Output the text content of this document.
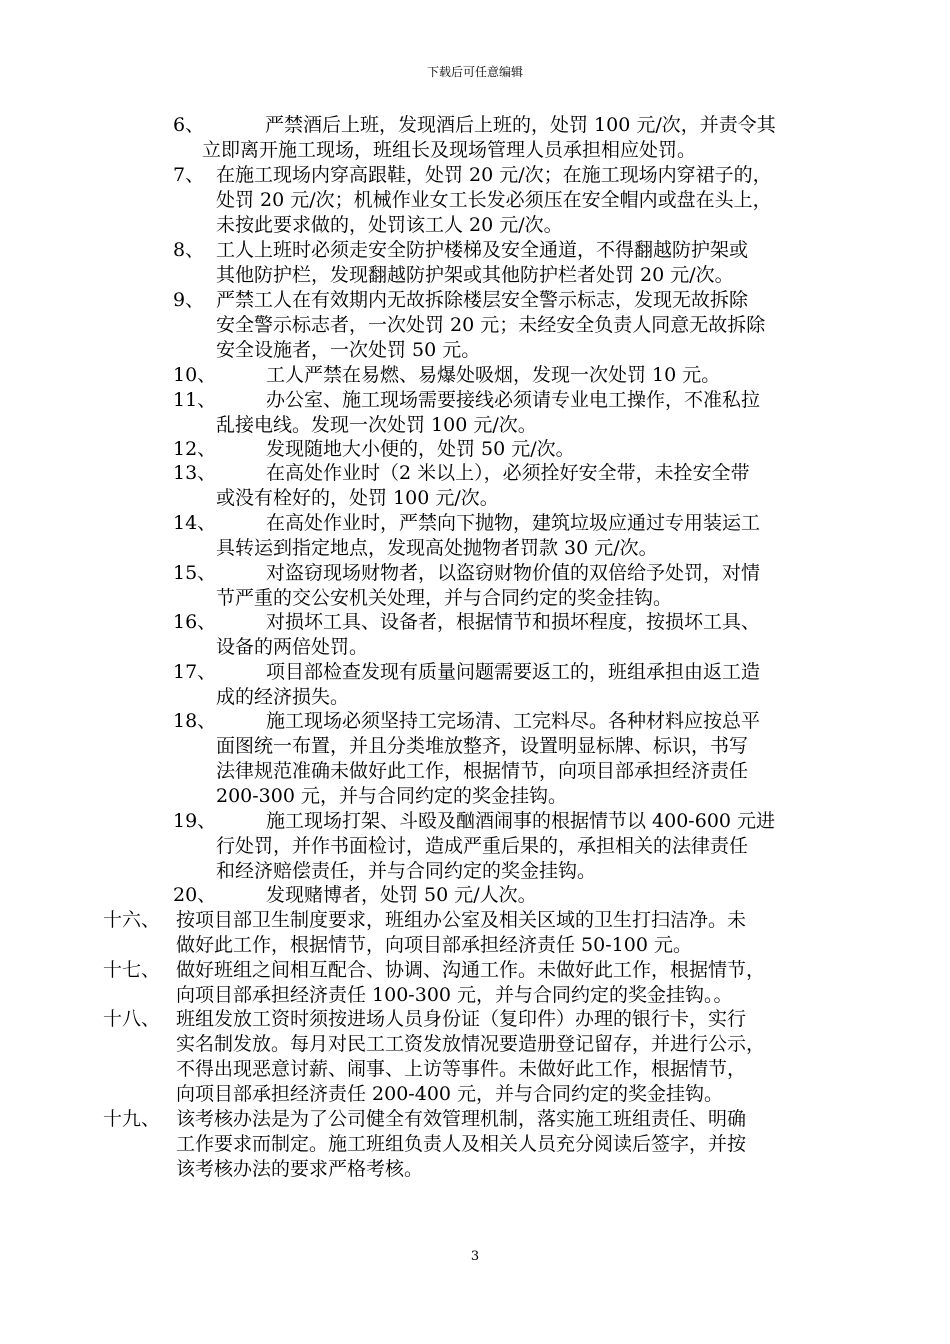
下载后可任意编辑
6、	严禁酒后上班，发现酒后上班的，处罚 100 元/次，并责令其
立即离开施工现场，班组长及现场管理人员承担相应处罚。
7、 在施工现场内穿高跟鞋，处罚 20 元/次；在施工现场内穿裙子的，
处罚 20 元/次；机械作业女工长发必须压在安全帽内或盘在头上，
未按此要求做的，处罚该工人 20 元/次。
8、 工人上班时必须走安全防护楼梯及安全通道，不得翻越防护架或
其他防护栏，发现翻越防护架或其他防护栏者处罚 20 元/次。
9、 严禁工人在有效期内无故拆除楼层安全警示标志，发现无故拆除
安全警示标志者，一次处罚 20 元；未经安全负责人同意无故拆除
安全设施者，一次处罚 50 元。
10、	工人严禁在易燃、易爆处吸烟，发现一次处罚 10 元。
11、	办公室、施工现场需要接线必须请专业电工操作，不准私拉
乱接电线。发现一次处罚 100 元/次。
12、	发现随地大小便的，处罚 50 元/次。
13、	在高处作业时（2 米以上），必须拴好安全带，未拴安全带
或没有栓好的，处罚 100 元/次。
14、	在高处作业时，严禁向下抛物，建筑垃圾应通过专用装运工
具转运到指定地点，发现高处抛物者罚款 30 元/次。
15、	对盗窃现场财物者，以盗窃财物价值的双倍给予处罚，对情
节严重的交公安机关处理，并与合同约定的奖金挂钩。
16、	对损坏工具、设备者，根据情节和损坏程度，按损坏工具、
设备的两倍处罚。
17、	项目部检查发现有质量问题需要返工的，班组承担由返工造
成的经济损失。
18、	施工现场必须坚持工完场清、工完料尽。各种材料应按总平
面图统一布置，并且分类堆放整齐，设置明显标牌、标识，书写
法律规范准确未做好此工作，根据情节，向项目部承担经济责任
200-300 元，并与合同约定的奖金挂钩。
19、	施工现场打架、斗殴及酗酒闹事的根据情节以 400-600 元进
行处罚，并作书面检讨，造成严重后果的，承担相关的法律责任
和经济赔偿责任，并与合同约定的奖金挂钩。
20、	发现赌博者，处罚 50 元/人次。
十六、 按项目部卫生制度要求，班组办公室及相关区域的卫生打扫洁净。未
做好此工作，根据情节，向项目部承担经济责任 50-100 元。
十七、 做好班组之间相互配合、协调、沟通工作。未做好此工作，根据情节，
向项目部承担经济责任 100-300 元，并与合同约定的奖金挂钩。。
十八、 班组发放工资时须按进场人员身份证（复印件）办理的银行卡，实行
实名制发放。每月对民工工资发放情况要造册登记留存，并进行公示，
不得出现恶意讨薪、闹事、上访等事件。未做好此工作，根据情节，
向项目部承担经济责任 200-400 元，并与合同约定的奖金挂钩。
十九、 该考核办法是为了公司健全有效管理机制，落实施工班组责任、明确
工作要求而制定。施工班组负责人及相关人员充分阅读后签字，并按
该考核办法的要求严格考核。
3
